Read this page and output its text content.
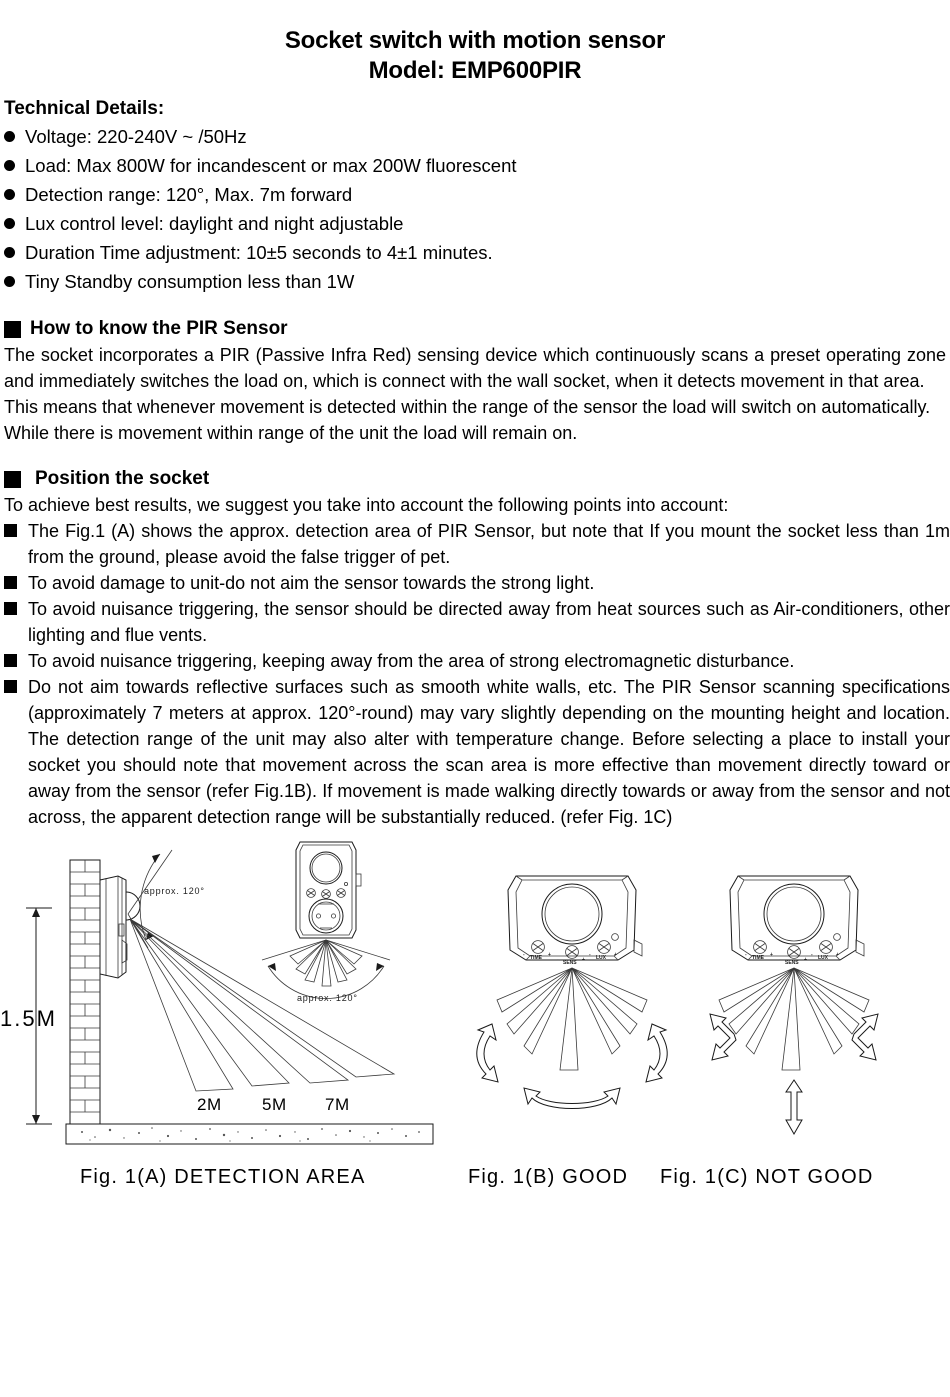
Socket switch with motion sensor
Model: EMP600PIR
Technical Details:
Voltage: 220-240V ~ /50Hz
Load: Max 800W for incandescent or max 200W fluorescent
Detection range: 120°, Max. 7m forward
Lux control level: daylight and night adjustable
Duration Time adjustment: 10±5 seconds to 4±1 minutes.
Tiny Standby consumption less than 1W
How to know the PIR Sensor
The socket incorporates a PIR (Passive Infra Red) sensing device which continuously scans a preset operating zone and immediately switches the load on, which is connect with the wall socket, when it detects movement in that area.
This means that whenever movement is detected within the range of the sensor the load will switch on automatically.
While there is movement within range of the unit the load will remain on.
Position the socket
To achieve best results, we suggest you take into account the following points into account:
The Fig.1 (A) shows the approx. detection area of PIR Sensor, but note that If you mount the socket less than 1m from the ground, please avoid the false trigger of pet.
To avoid damage to unit-do not aim the sensor towards the strong light.
To avoid nuisance triggering, the sensor should be directed away from heat sources such as Air-conditioners, other lighting and flue vents.
To avoid nuisance triggering, keeping away from the area of strong electromagnetic disturbance.
Do not aim towards reflective surfaces such as smooth white walls, etc. The PIR Sensor scanning specifications (approximately 7 meters at approx. 120°-round) may vary slightly depending on the mounting height and location. The detection range of the unit may also alter with temperature change. Before selecting a place to install your socket you should note that movement across the scan area is more effective than movement directly toward or away from the sensor (refer Fig.1B). If movement is made walking directly towards or away from the sensor and not across, the apparent detection range will be substantially reduced. (refer Fig. 1C)
1.5M
approx. 120°
2M 5M 7M
approx. 120°
TIME
-	+
SENS
-	+ LUX
-	+	TIME
-	+
SENS
-	+ LUX
-	+
Fig. 1(A) DETECTION AREA	Fig. 1(B) GOOD Fig. 1(C) NOT GOOD
